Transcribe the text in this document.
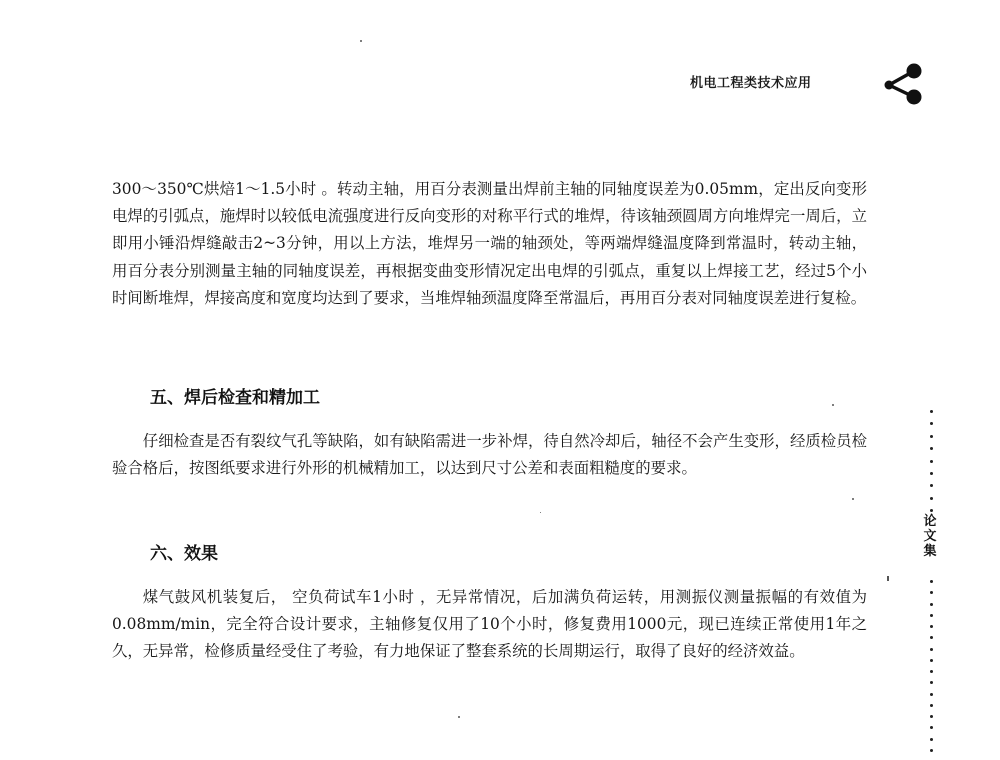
机电工程类技术应用

300～350℃烘焙1～1.5小时 。转动主轴，用百分表测量出焊前主轴的同轴度误差为0.05mm，定出反向变形电焊的引弧点，施焊时以较低电流强度进行反向变形的对称平行式的堆焊，待该轴颈圆周方向堆焊完一周后，立即用小锤沿焊缝敲击2~3分钟，用以上方法，堆焊另一端的轴颈处，等两端焊缝温度降到常温时，转动主轴，用百分表分别测量主轴的同轴度误差，再根据变曲变形情况定出电焊的引弧点，重复以上焊接工艺，经过5个小时间断堆焊，焊接高度和宽度均达到了要求，当堆焊轴颈温度降至常温后，再用百分表对同轴度误差进行复检。

五、焊后检查和精加工

仔细检查是否有裂纹气孔等缺陷，如有缺陷需进一步补焊，待自然冷却后，轴径不会产生变形，经质检员检验合格后，按图纸要求进行外形的机械精加工，以达到尺寸公差和表面粗糙度的要求。

六、效果

煤气鼓风机装复后， 空负荷试车1小时 ，无异常情况，后加满负荷运转，用测振仪测量振幅的有效值为0.08mm/min，完全符合设计要求，主轴修复仅用了10个小时，修复费用1000元，现已连续正常使用1年之久，无异常，检修质量经受住了考验，有力地保证了整套系统的长周期运行，取得了良好的经济效益。

论
文
集
